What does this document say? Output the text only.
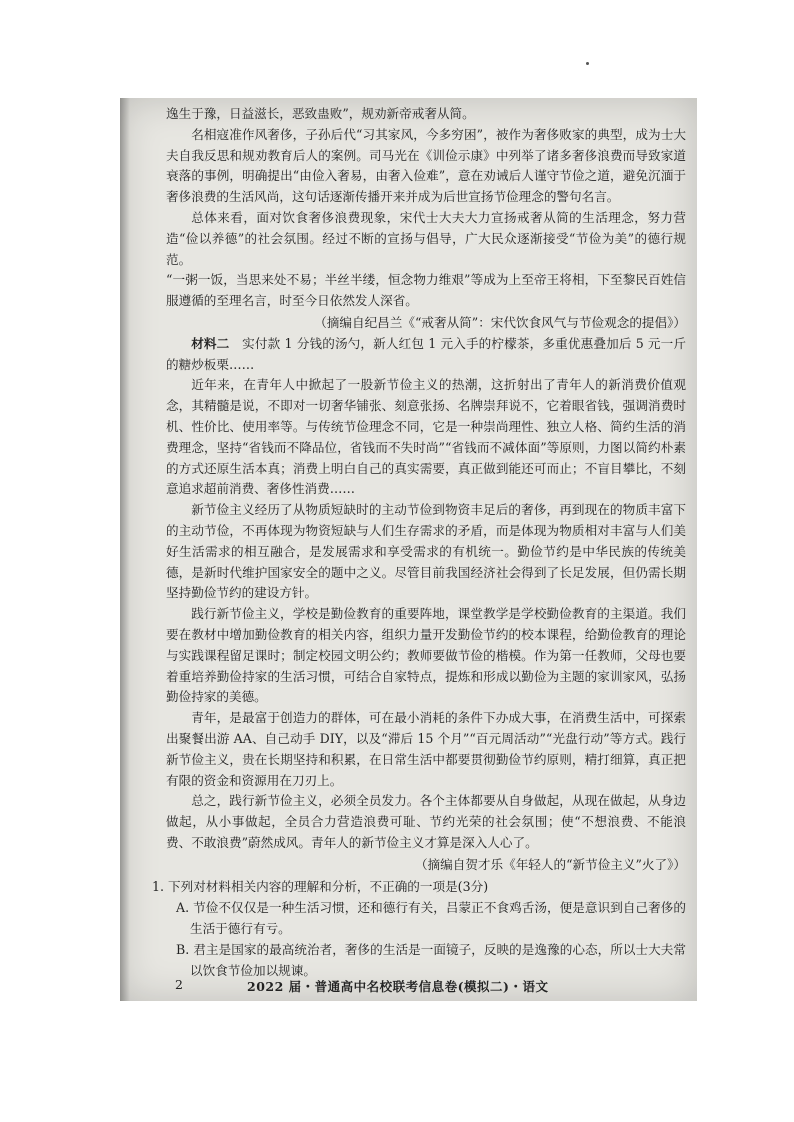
逸生于豫，日益滋长，恶致蛊败”，规劝新帝戒奢从简。

名相寇准作风奢侈，子孙后代“习其家风，今多穷困”，被作为奢侈败家的典型，成为士大夫自我反思和规劝教育后人的案例。司马光在《训俭示康》中列举了诸多奢侈浪费而导致家道衰落的事例，明确提出“由俭入奢易，由奢入俭难”，意在劝诫后人谨守节俭之道，避免沉湎于奢侈浪费的生活风尚，这句话逐渐传播开来并成为后世宣扬节俭理念的警句名言。

总体来看，面对饮食奢侈浪费现象，宋代士大夫大力宣扬戒奢从简的生活理念，努力营造“俭以养德”的社会氛围。经过不断的宣扬与倡导，广大民众逐渐接受“节俭为美”的德行规范。

“一粥一饭，当思来处不易；半丝半缕，恒念物力维艰”等成为上至帝王将相，下至黎民百姓信服遵循的至理名言，时至今日依然发人深省。

（摘编自纪昌兰《“戒奢从简”：宋代饮食风气与节俭观念的提倡》）

材料二　实付款 1 分钱的汤勺，新人红包 1 元入手的柠檬茶，多重优惠叠加后 5 元一斤的糖炒板栗……

近年来，在青年人中掀起了一股新节俭主义的热潮，这折射出了青年人的新消费价值观念，其精髓是说，不即对一切奢华铺张、刻意张扬、名牌崇拜说不，它着眼省钱，强调消费时机、性价比、使用率等。与传统节俭理念不同，它是一种崇尚理性、独立人格、简约生活的消费理念，坚持“省钱而不降品位，省钱而不失时尚”“省钱而不减体面”等原则，力图以简约朴素的方式还原生活本真；消费上明白自己的真实需要，真正做到能还可而止；不盲目攀比，不刻意追求超前消费、奢侈性消费……

新节俭主义经历了从物质短缺时的主动节俭到物资丰足后的奢侈，再到现在的物质丰富下的主动节俭，不再体现为物资短缺与人们生存需求的矛盾，而是体现为物质相对丰富与人们美好生活需求的相互融合，是发展需求和享受需求的有机统一。勤俭节约是中华民族的传统美德，是新时代维护国家安全的题中之义。尽管目前我国经济社会得到了长足发展，但仍需长期坚持勤俭节约的建设方针。

践行新节俭主义，学校是勤俭教育的重要阵地，课堂教学是学校勤俭教育的主渠道。我们要在教材中增加勤俭教育的相关内容，组织力量开发勤俭节约的校本课程，给勤俭教育的理论与实践课程留足课时；制定校园文明公约；教师要做节俭的楷模。作为第一任教师，父母也要着重培养勤俭持家的生活习惯，可结合自家特点，提炼和形成以勤俭为主题的家训家风，弘扬勤俭持家的美德。

青年，是最富于创造力的群体，可在最小消耗的条件下办成大事，在消费生活中，可探索出聚餐出游 AA、自己动手 DIY，以及“滞后 15 个月”“百元周活动”“光盘行动”等方式。践行新节俭主义，贵在长期坚持和积累，在日常生活中都要贯彻勤俭节约原则，精打细算，真正把有限的资金和资源用在刀刃上。

总之，践行新节俭主义，必须全员发力。各个主体都要从自身做起，从现在做起，从身边做起，从小事做起，全员合力营造浪费可耻、节约光荣的社会氛围；使“不想浪费、不能浪费、不敢浪费”蔚然成风。青年人的新节俭主义才算是深入人心了。

（摘编自贺才乐《年轻人的“新节俭主义”火了》）

1. 下列对材料相关内容的理解和分析，不正确的一项是(3分)

A. 节俭不仅仅是一种生活习惯，还和德行有关，吕蒙正不食鸡舌汤，便是意识到自己奢侈的生活于德行有亏。

B. 君主是国家的最高统治者，奢侈的生活是一面镜子，反映的是逸豫的心态，所以士大夫常以饮食节俭加以规谏。

2	2022 届・普通高中名校联考信息卷(模拟二)・语文
